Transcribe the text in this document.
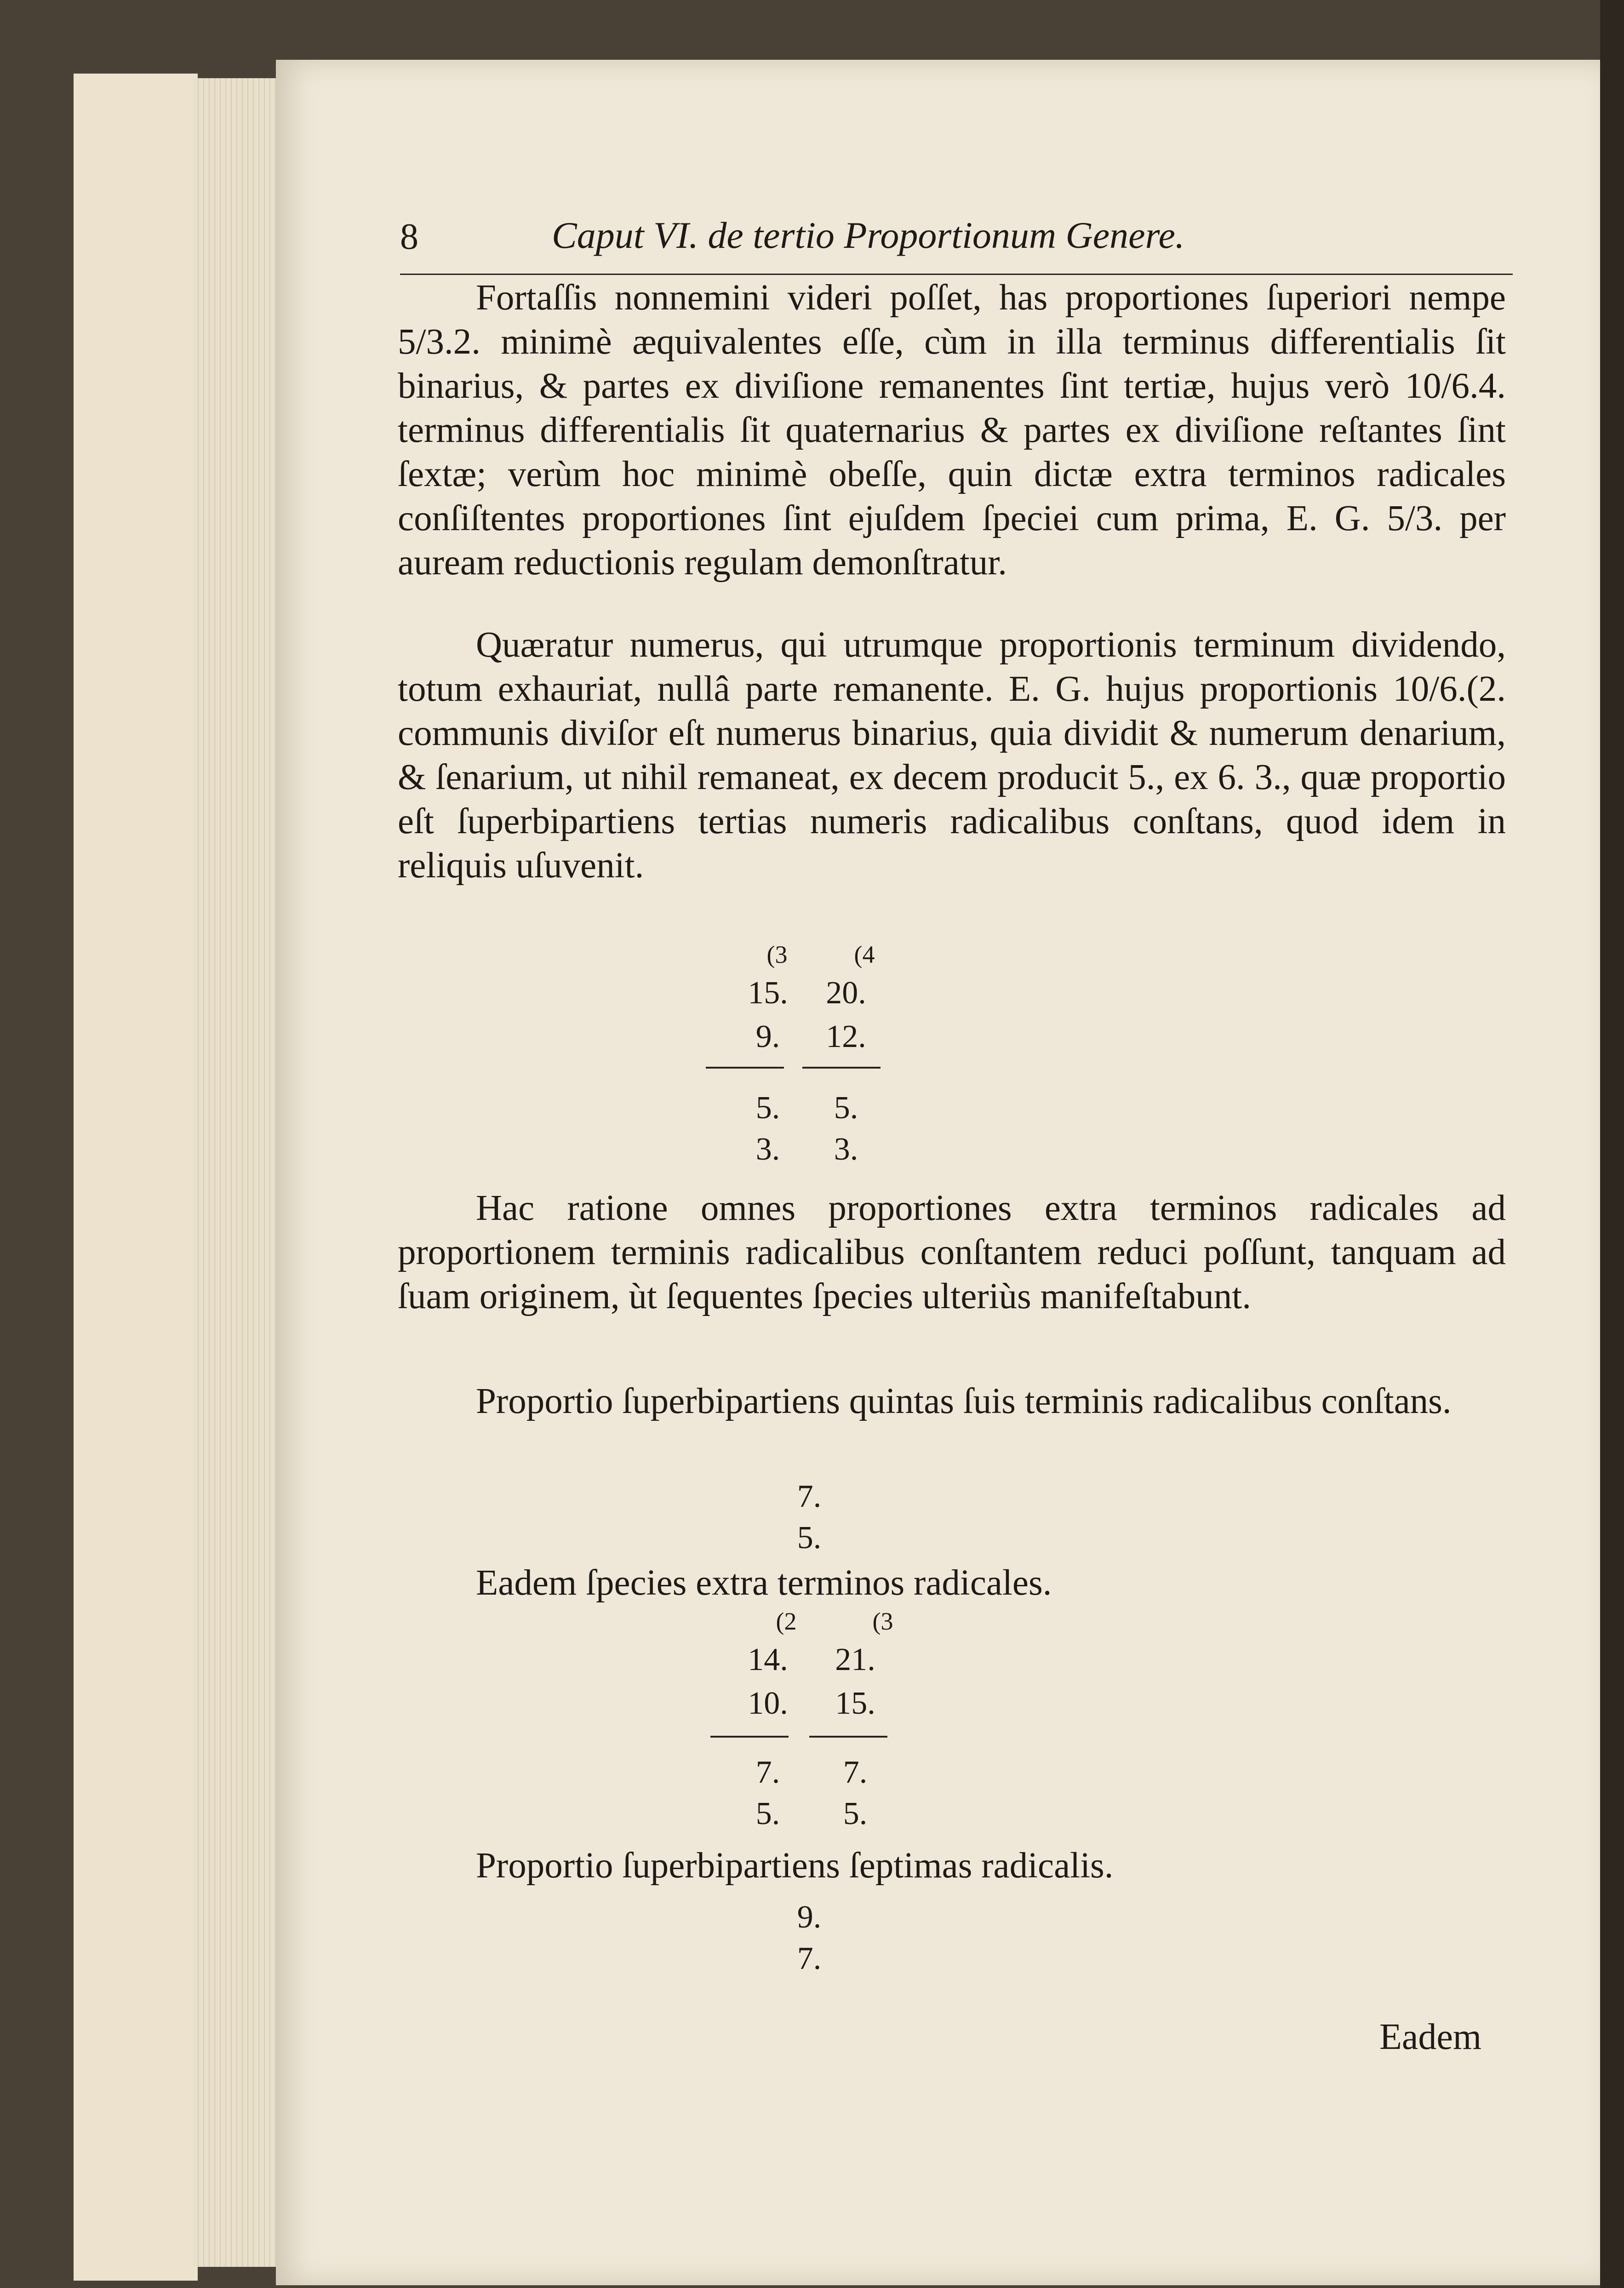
8	Caput VI. de tertio Proportionum Genere.
Fortaſſis nonnemini videri poſſet, has proportiones ſuperiori nempe 5/3.2. minimè æquivalentes eſſe, cùm in illa terminus differentialis ſit binarius, & partes ex diviſione remanentes ſint tertiæ, hujus verò 10/6.4. terminus differentialis ſit quaternarius & partes ex diviſione reſtantes ſint ſextæ; verùm hoc minimè obeſſe, quin dictæ extra terminos radicales conſiſtentes proportiones ſint ejuſdem ſpeciei cum prima, E. G. 5/3. per auream reductionis regulam demonſtratur.
Quæratur numerus, qui utrumque proportionis terminum dividendo, totum exhauriat, nullâ parte remanente. E. G. hujus proportionis 10/6.(2. communis diviſor eſt numerus binarius, quia dividit & numerum denarium, & ſenarium, ut nihil remaneat, ex decem producit 5., ex 6. 3., quæ proportio eſt ſuperbipartiens tertias numeris radicalibus conſtans, quod idem in reliquis uſuvenit.
(3	(4
15.	20.
9.	12.
5.	5.
3.	3.
Hac ratione omnes proportiones extra terminos radicales ad proportionem terminis radicalibus conſtantem reduci poſſunt, tanquam ad ſuam originem, ùt ſequentes ſpecies ulteriùs manifeſtabunt.
Proportio ſuperbipartiens quintas ſuis terminis radicalibus conſtans.
7.
5.
Eadem ſpecies extra terminos radicales.
(2	(3
14.	21.
10.	15.
7.	7.
5.	5.
Proportio ſuperbipartiens ſeptimas radicalis.
9.
7.
Eadem
